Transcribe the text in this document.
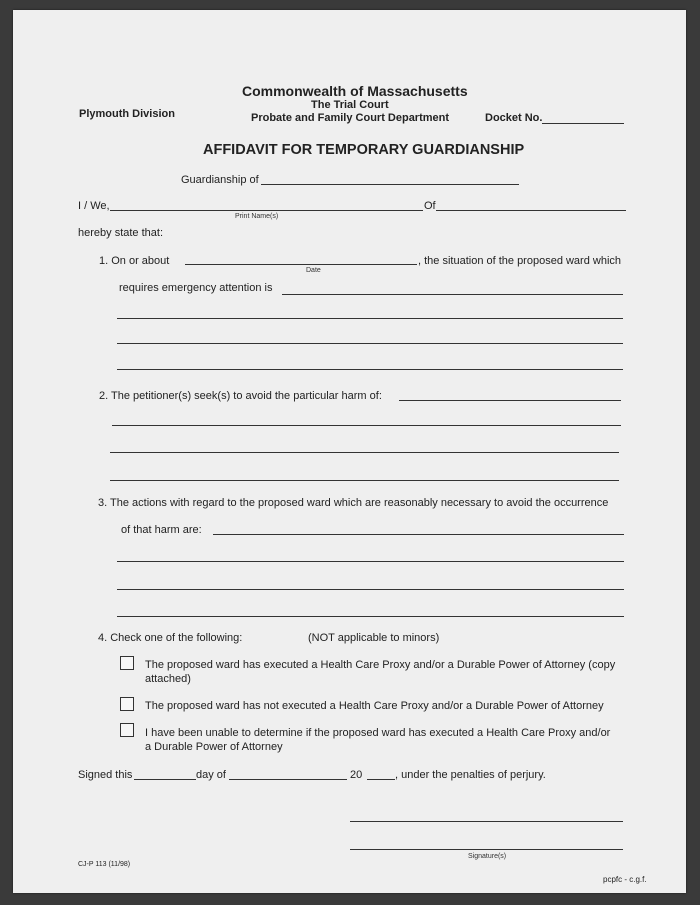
Commonwealth of Massachusetts
The Trial Court
Plymouth Division	Probate and Family Court Department	Docket No.
AFFIDAVIT FOR TEMPORARY GUARDIANSHIP
Guardianship of
I / We,
Print Name(s)
Of
hereby state that:
1. On or about
Date
, the situation of the proposed ward which
requires emergency attention is
2. The petitioner(s) seek(s) to avoid the particular harm of:
3. The actions with regard to the proposed ward which are reasonably necessary to avoid the occurrence
of that harm are:
4. Check one of the following:	(NOT applicable to minors)
The proposed ward has executed a Health Care Proxy and/or a Durable Power of Attorney (copy
attached)
The proposed ward has not executed a Health Care Proxy and/or a Durable Power of Attorney
I have been unable to determine if the proposed ward has executed a Health Care Proxy and/or
a Durable Power of Attorney
Signed this	day of	20	, under the penalties of perjury.
Signature(s)
CJ-P 113 (11/98)
pcpfc - c.g.f.
